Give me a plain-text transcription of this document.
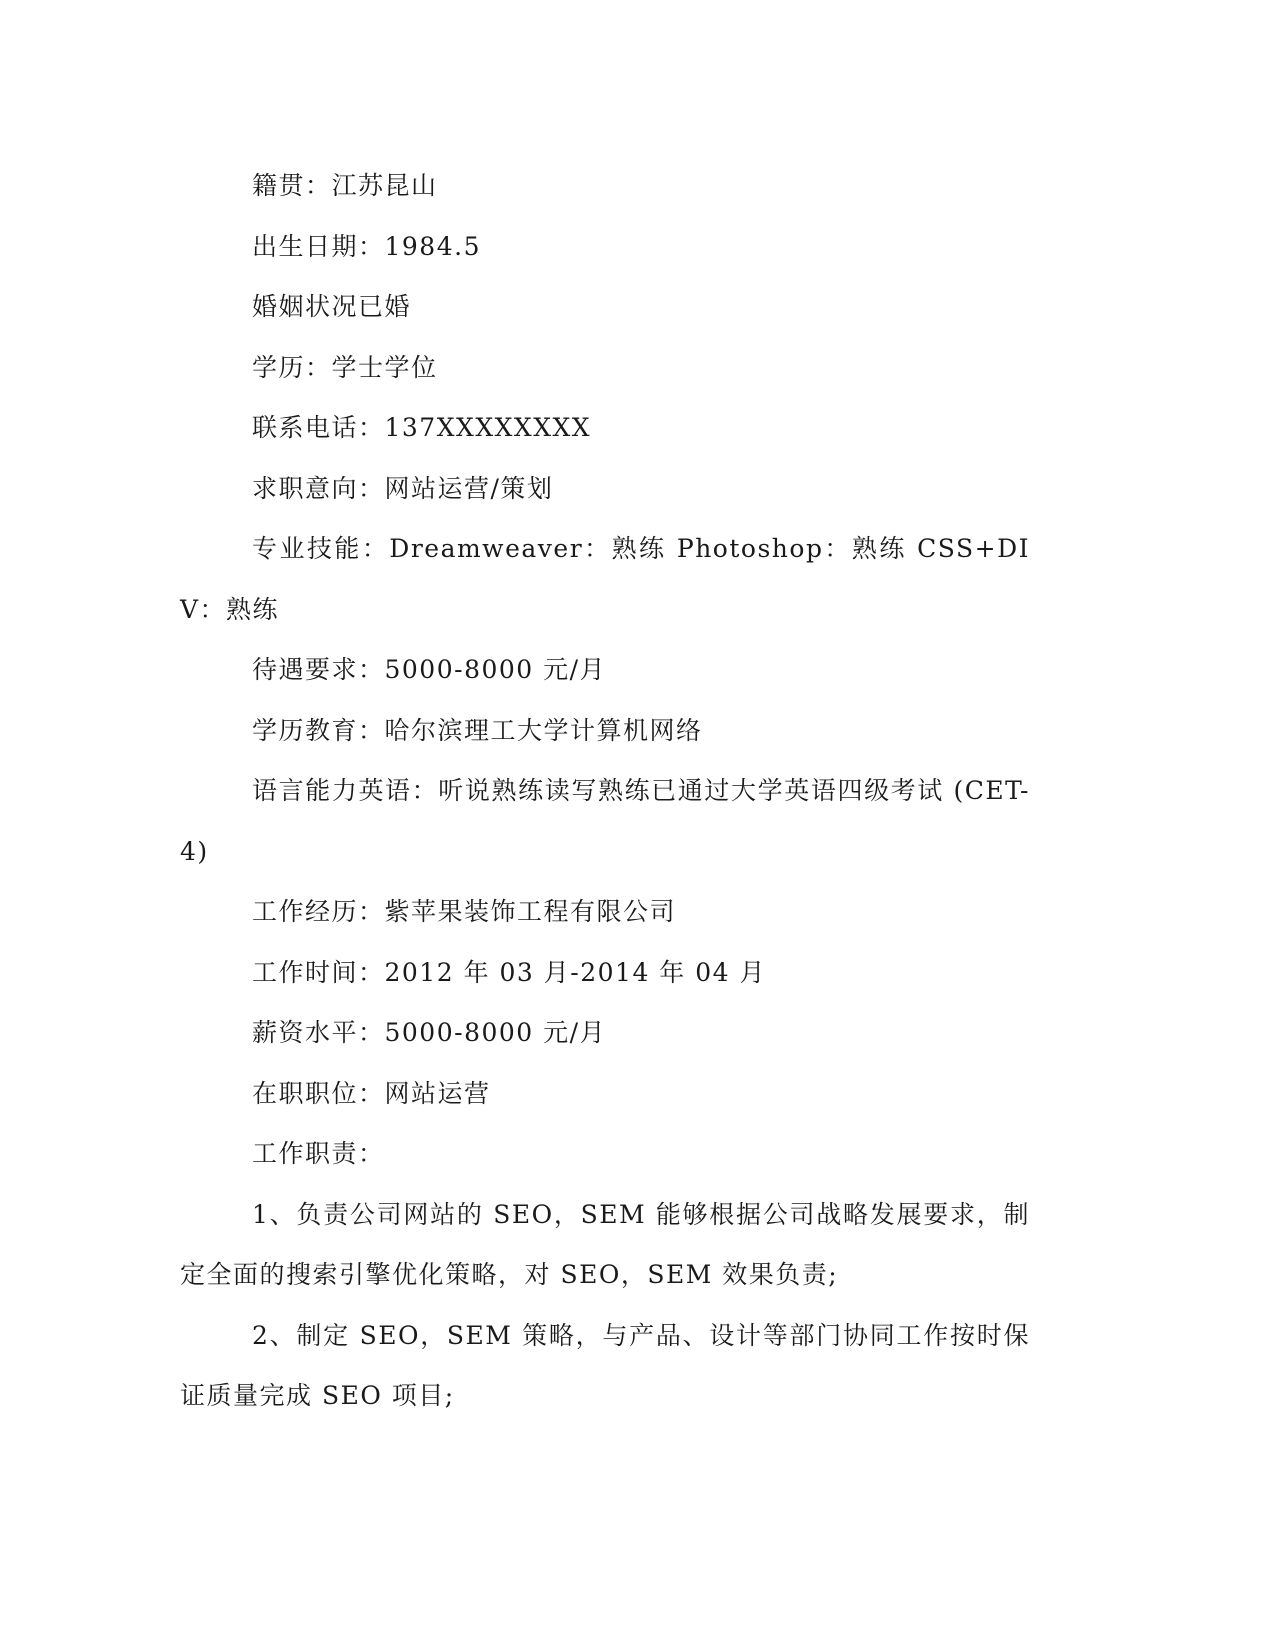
籍贯：江苏昆山

出生日期：1984.5

婚姻状况已婚

学历：学士学位

联系电话：137XXXXXXXX

求职意向：网站运营/策划

专业技能：Dreamweaver：熟练 Photoshop：熟练 CSS+DIV：熟练

待遇要求：5000-8000 元/月

学历教育：哈尔滨理工大学计算机网络

语言能力英语：听说熟练读写熟练已通过大学英语四级考试 (CET-4)

工作经历：紫苹果装饰工程有限公司

工作时间：2012 年 03 月-2014 年 04 月

薪资水平：5000-8000 元/月

在职职位：网站运营

工作职责：

1、负责公司网站的 SEO，SEM 能够根据公司战略发展要求，制定全面的搜索引擎优化策略，对 SEO，SEM 效果负责;

2、制定 SEO，SEM 策略，与产品、设计等部门协同工作按时保证质量完成 SEO 项目;
